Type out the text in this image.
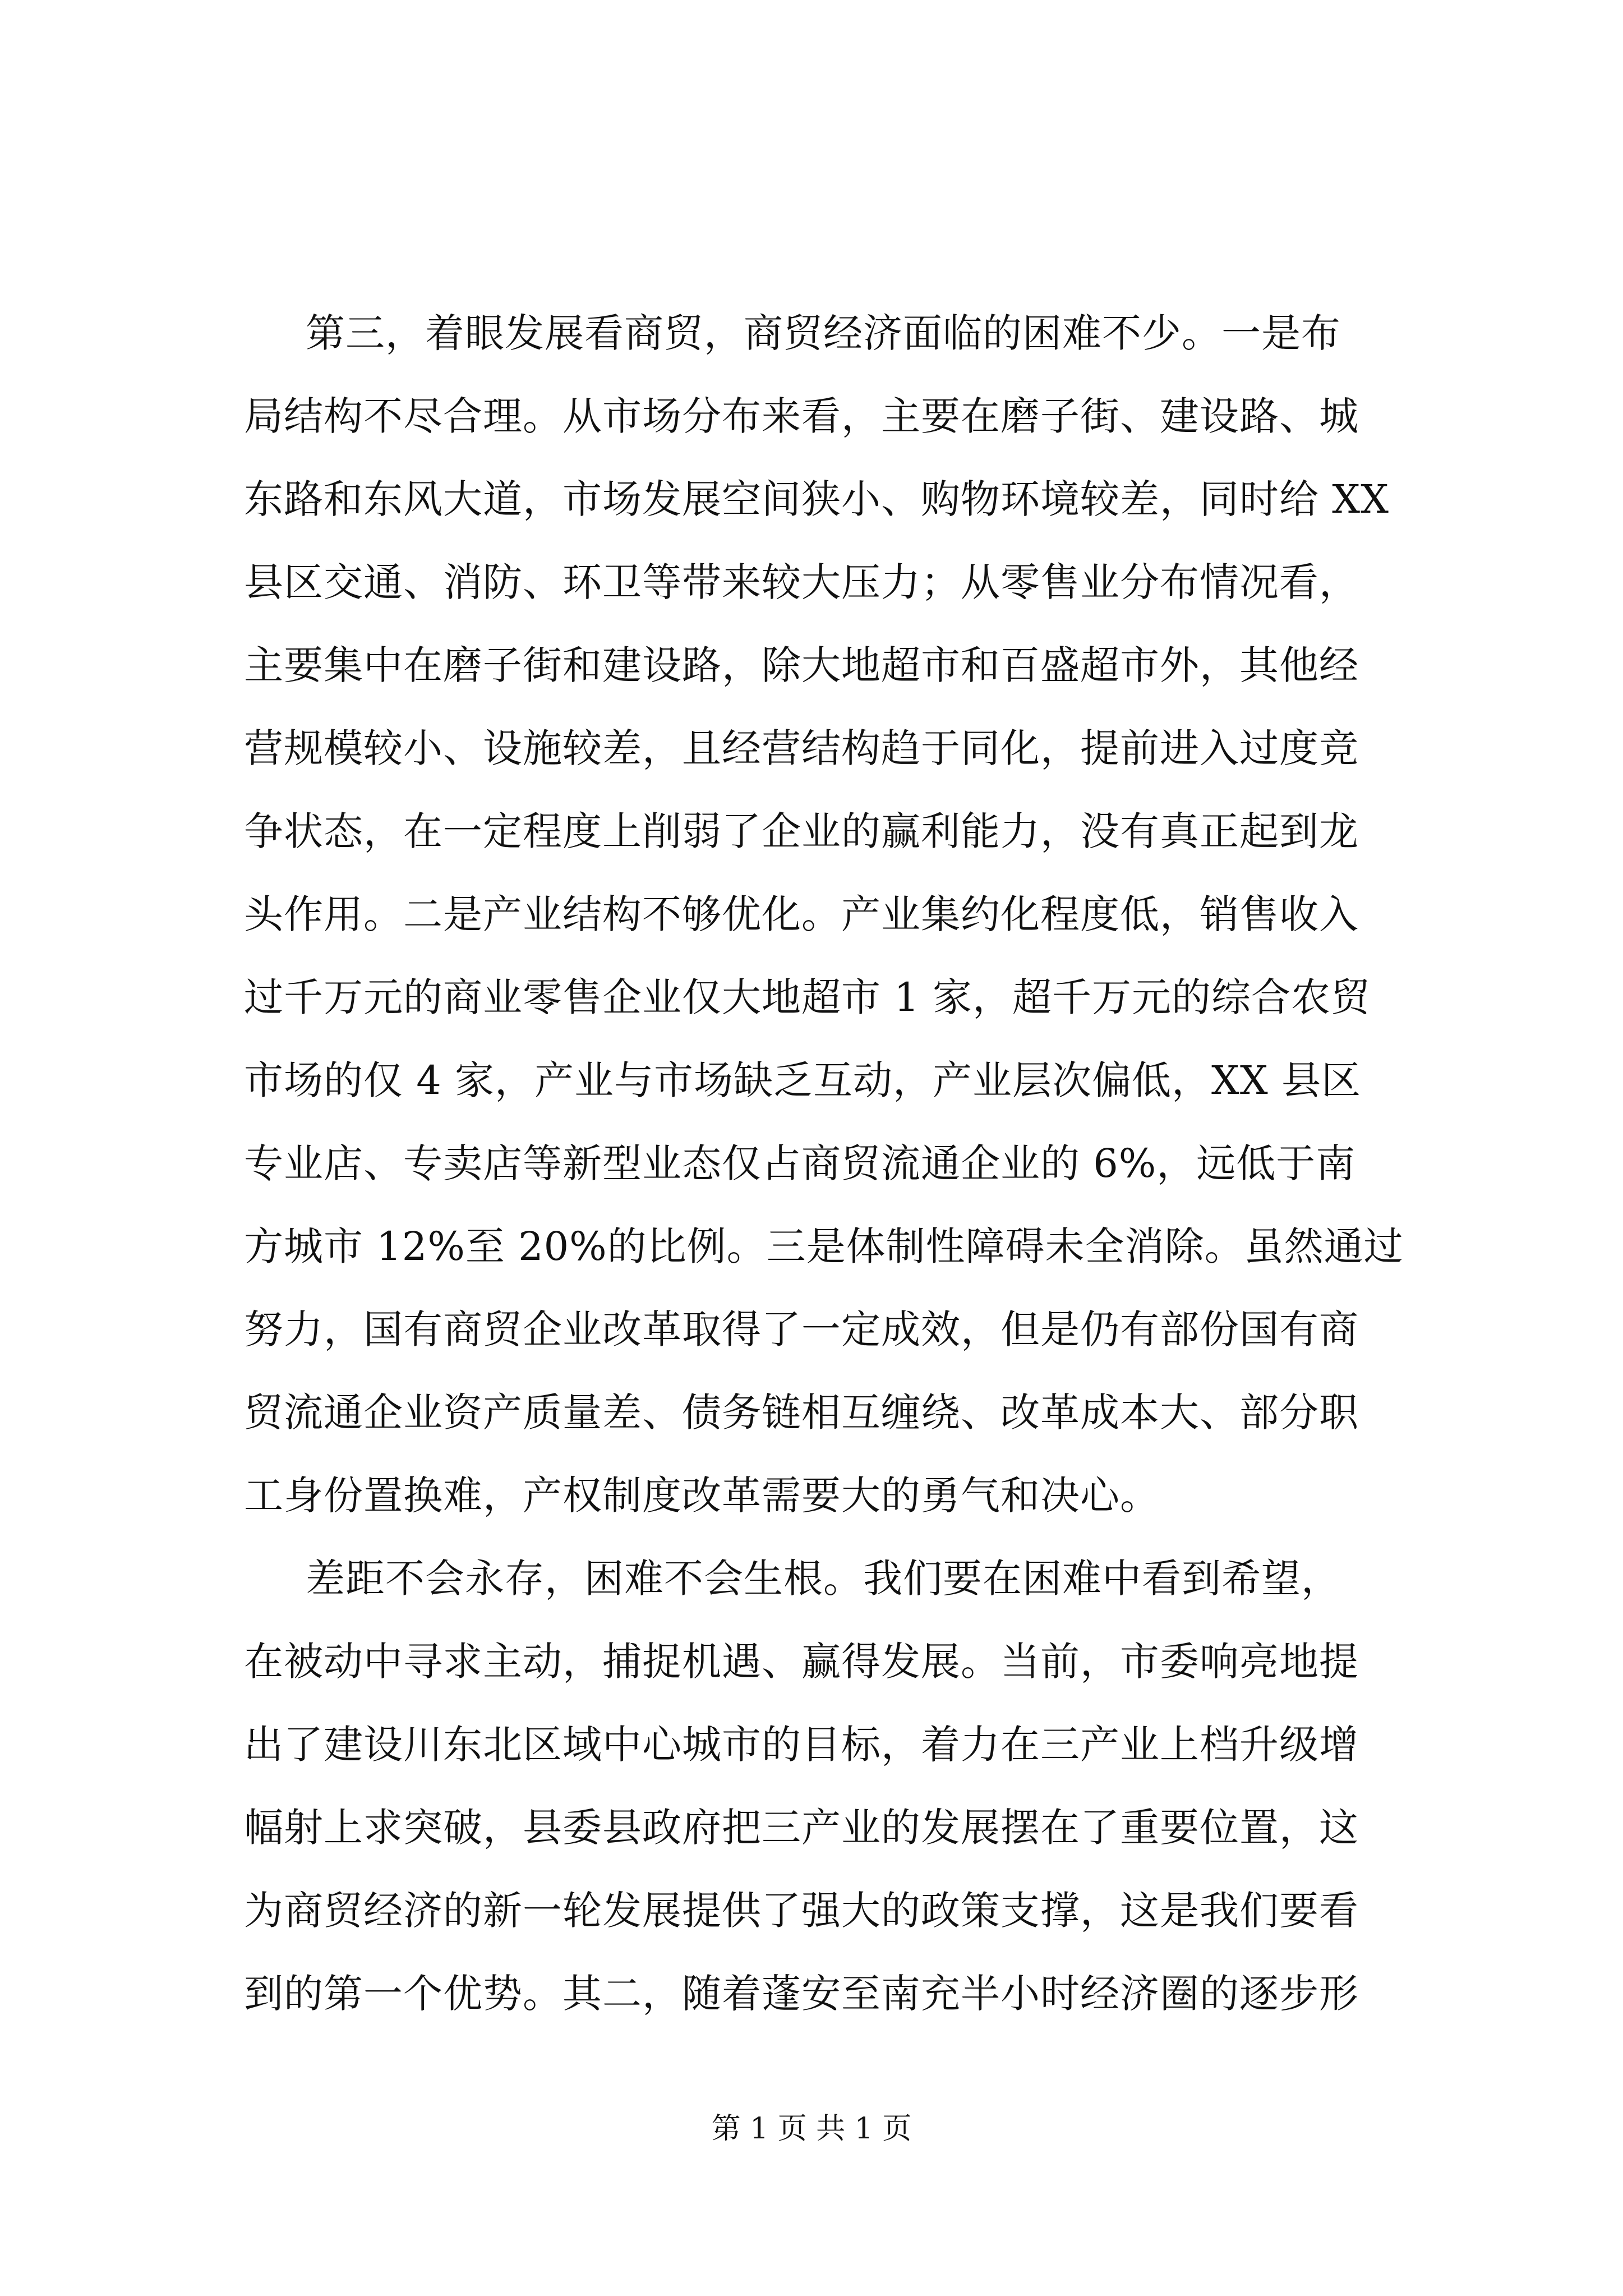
第三，着眼发展看商贸，商贸经济面临的困难不少。一是布
局结构不尽合理。从市场分布来看，主要在磨子街、建设路、城
东路和东风大道，市场发展空间狭小、购物环境较差，同时给 XX
县区交通、消防、环卫等带来较大压力；从零售业分布情况看，
主要集中在磨子街和建设路，除大地超市和百盛超市外，其他经
营规模较小、设施较差，且经营结构趋于同化，提前进入过度竞
争状态，在一定程度上削弱了企业的赢利能力，没有真正起到龙
头作用。二是产业结构不够优化。产业集约化程度低，销售收入
过千万元的商业零售企业仅大地超市 1 家，超千万元的综合农贸
市场的仅 4 家，产业与市场缺乏互动，产业层次偏低，XX 县区
专业店、专卖店等新型业态仅占商贸流通企业的 6%，远低于南
方城市 12%至 20%的比例。三是体制性障碍未全消除。虽然通过
努力，国有商贸企业改革取得了一定成效，但是仍有部份国有商
贸流通企业资产质量差、债务链相互缠绕、改革成本大、部分职
工身份置换难，产权制度改革需要大的勇气和决心。
差距不会永存，困难不会生根。我们要在困难中看到希望，
在被动中寻求主动，捕捉机遇、赢得发展。当前，市委响亮地提
出了建设川东北区域中心城市的目标，着力在三产业上档升级增
幅射上求突破，县委县政府把三产业的发展摆在了重要位置，这
为商贸经济的新一轮发展提供了强大的政策支撑，这是我们要看
到的第一个优势。其二，随着蓬安至南充半小时经济圈的逐步形
第 1 页 共 1 页
